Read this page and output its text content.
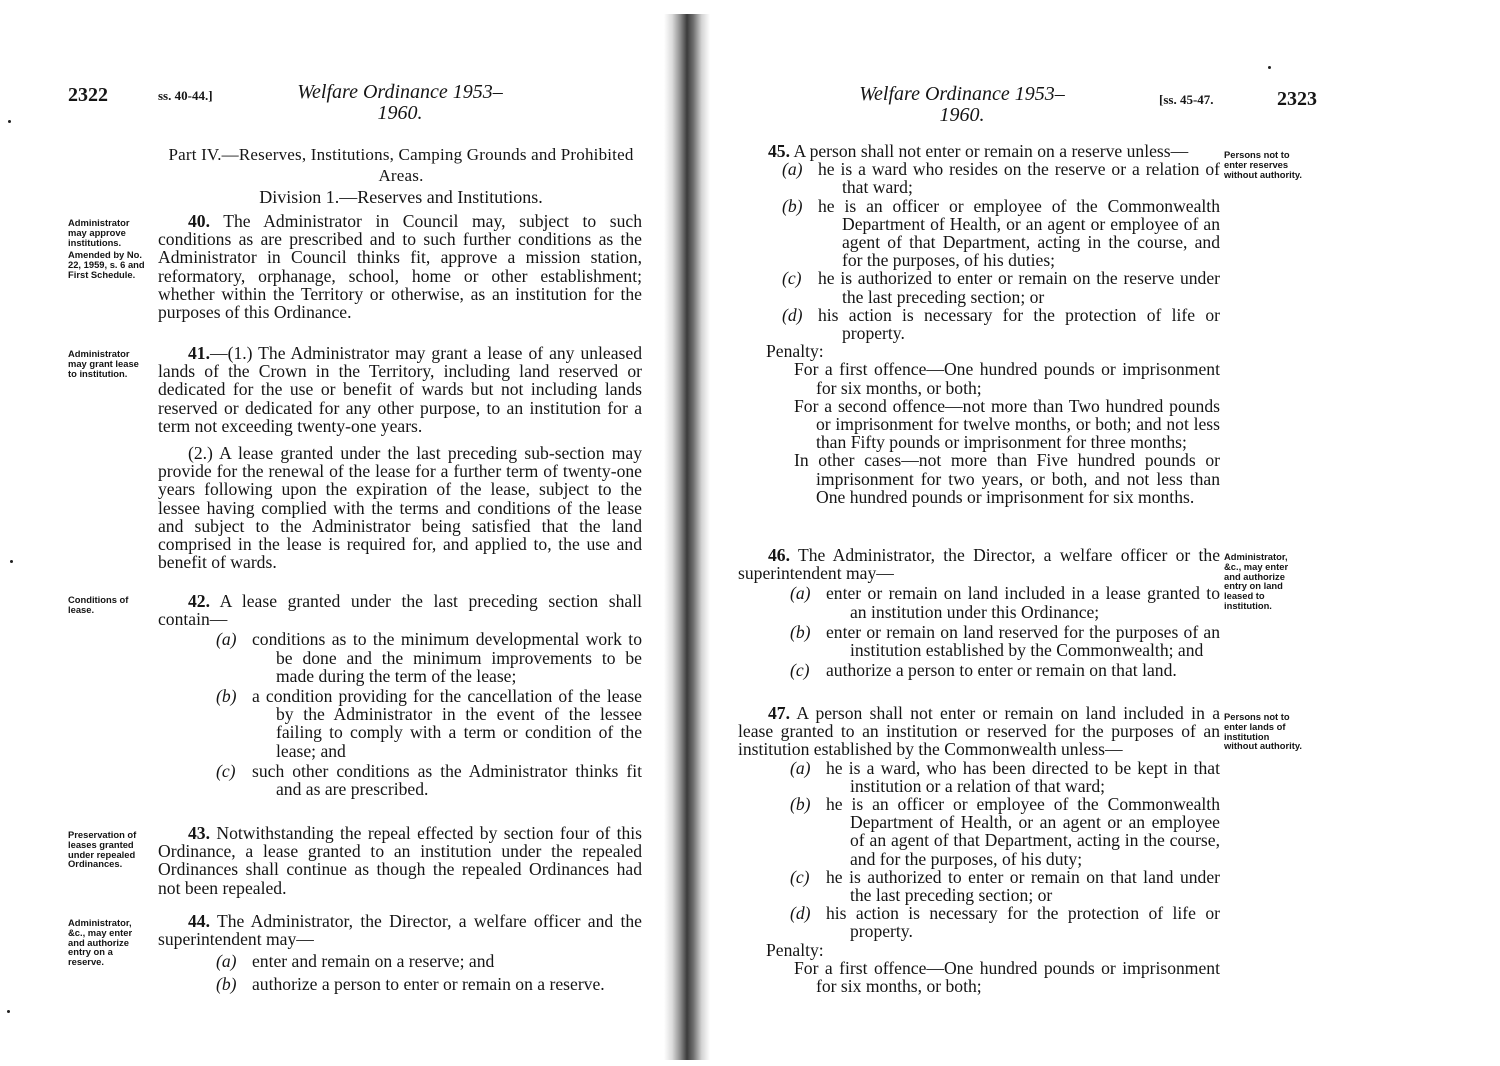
2322	ss. 40-44.]	Welfare Ordinance 1953–1960.
Part IV.—Reserves, Institutions, Camping Grounds and Prohibited Areas.
Division 1.—Reserves and Institutions.
Administrator may approve institutions.
Amended by No. 22, 1959, s. 6 and First Schedule.

40. The Administrator in Council may, subject to such conditions as are prescribed and to such further conditions as the Administrator in Council thinks fit, approve a mission station, reformatory, orphanage, school, home or other establishment; whether within the Territory or otherwise, as an institution for the purposes of this Ordinance.

Administrator may grant lease to institution.

41.—(1.) The Administrator may grant a lease of any unleased lands of the Crown in the Territory, including land reserved or dedicated for the use or benefit of wards but not including lands reserved or dedicated for any other purpose, to an institution for a term not exceeding twenty-one years.

(2.) A lease granted under the last preceding sub-section may provide for the renewal of the lease for a further term of twenty-one years following upon the expiration of the lease, subject to the lessee having complied with the terms and conditions of the lease and subject to the Administrator being satisfied that the land comprised in the lease is required for, and applied to, the use and benefit of wards.

Conditions of lease.	42. A lease granted under the last preceding section shall contain—

(a) conditions as to the minimum developmental work to be done and the minimum improvements to be made during the term of the lease;

(b) a condition providing for the cancellation of the lease by the Administrator in the event of the lessee failing to comply with a term or condition of the lease; and

(c) such other conditions as the Administrator thinks fit and as are prescribed.

Preservation of leases granted under repealed Ordinances.

43. Notwithstanding the repeal effected by section four of this Ordinance, a lease granted to an institution under the repealed Ordinances shall continue as though the repealed Ordinances had not been repealed.

Administrator, &c., may enter and authorize entry on a reserve.

44. The Administrator, the Director, a welfare officer and the superintendent may—

(a) enter and remain on a reserve; and

(b) authorize a person to enter or remain on a reserve.

Welfare Ordinance 1953–1960.
[ss. 45-47.	2323
Persons not to enter reserves without authority.

45. A person shall not enter or remain on a reserve unless—

(a) he is a ward who resides on the reserve or a relation of that ward;

(b) he is an officer or employee of the Commonwealth Department of Health, or an agent or employee of an agent of that Department, acting in the course, and for the purposes, of his duties;

(c) he is authorized to enter or remain on the reserve under the last preceding section; or

(d) his action is necessary for the protection of life or property.

Penalty:

For a first offence—One hundred pounds or imprisonment for six months, or both;

For a second offence—not more than Two hundred pounds or imprisonment for twelve months, or both; and not less than Fifty pounds or imprisonment for three months;

In other cases—not more than Five hundred pounds or imprisonment for two years, or both, and not less than One hundred pounds or imprisonment for six months.

Administrator, &c., may enter and authorize entry on land leased to institution.

46. The Administrator, the Director, a welfare officer or the superintendent may—

(a) enter or remain on land included in a lease granted to an institution under this Ordinance;

(b) enter or remain on land reserved for the purposes of an institution established by the Commonwealth; and

(c) authorize a person to enter or remain on that land.

Persons not to enter lands of institution without authority.

47. A person shall not enter or remain on land included in a lease granted to an institution or reserved for the purposes of an institution established by the Commonwealth unless—

(a) he is a ward, who has been directed to be kept in that institution or a relation of that ward;

(b) he is an officer or employee of the Commonwealth Department of Health, or an agent or an employee of an agent of that Department, acting in the course, and for the purposes, of his duty;

(c) he is authorized to enter or remain on that land under the last preceding section; or

(d) his action is necessary for the protection of life or property.

Penalty:

For a first offence—One hundred pounds or imprisonment for six months, or both;
